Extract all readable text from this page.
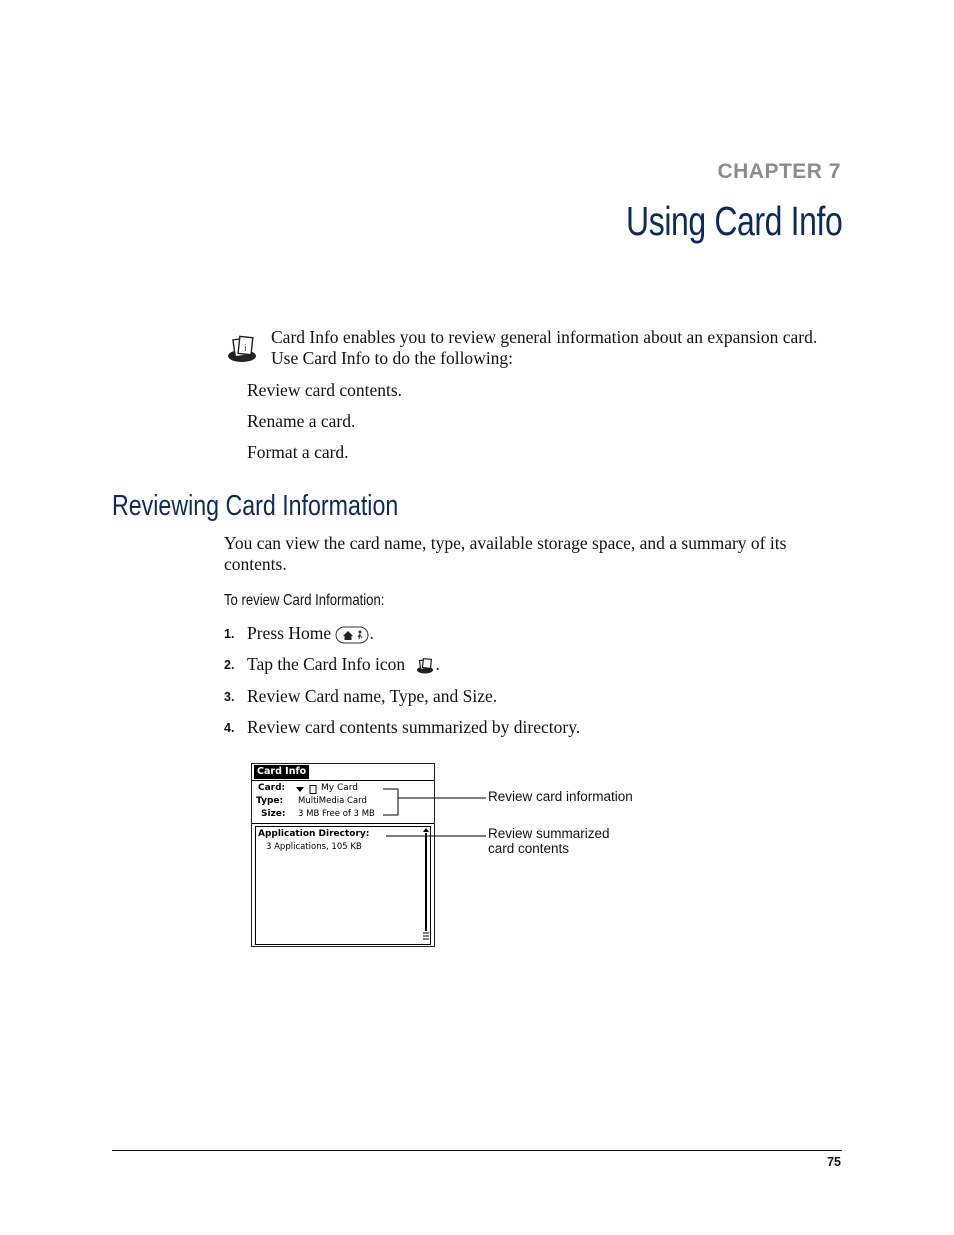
CHAPTER 7
Using Card Info
i
Card Info enables you to review general information about an expansion card. Use Card Info to do the following:
Review card contents.
Rename a card.
Format a card.
Reviewing Card Information
You can view the card name, type, available storage space, and a summary of its contents.
To review Card Information:
1. Press Home .
2. Tap the Card Info icon .
3. Review Card name, Type, and Size.
4. Review card contents summarized by directory.
Card Info
Card:	My Card
Type: MultiMedia Card
Size: 3 MB Free of 3 MB
Application Directory:
3 Applications, 105 KB
Review card information
Review summarized
card contents
75
